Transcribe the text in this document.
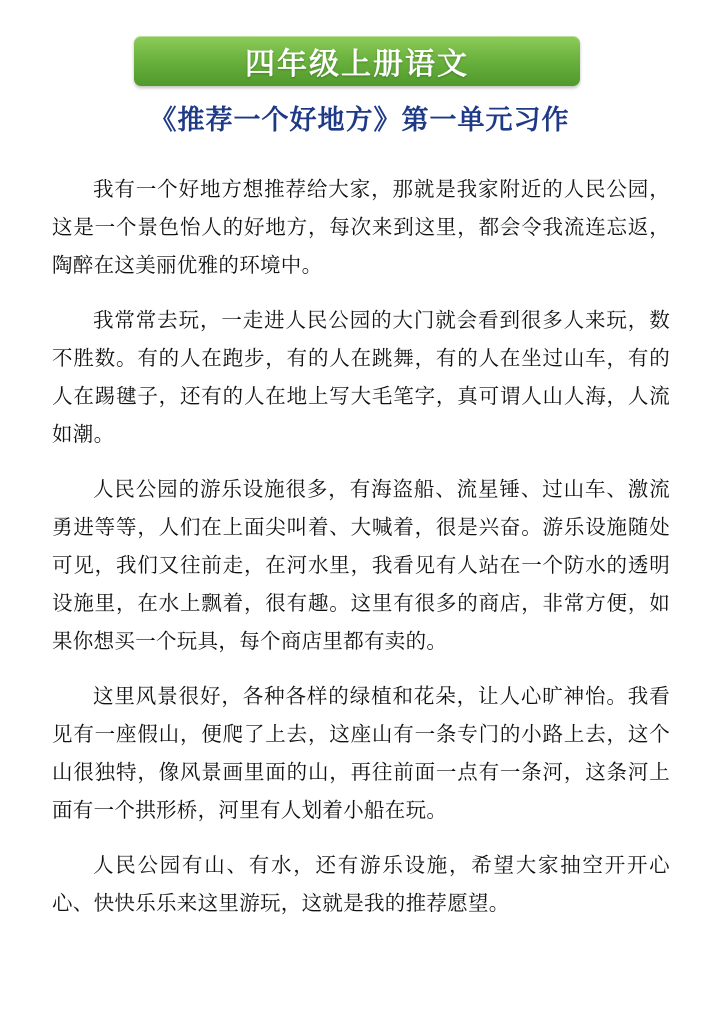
四年级上册语文
《推荐一个好地方》第一单元习作

我有一个好地方想推荐给大家，那就是我家附近的人民公园，这是一个景色怡人的好地方，每次来到这里，都会令我流连忘返，陶醉在这美丽优雅的环境中。

我常常去玩，一走进人民公园的大门就会看到很多人来玩，数不胜数。有的人在跑步，有的人在跳舞，有的人在坐过山车，有的人在踢毽子，还有的人在地上写大毛笔字，真可谓人山人海，人流如潮。

人民公园的游乐设施很多，有海盗船、流星锤、过山车、激流勇进等等，人们在上面尖叫着、大喊着，很是兴奋。游乐设施随处可见，我们又往前走，在河水里，我看见有人站在一个防水的透明设施里，在水上飘着，很有趣。这里有很多的商店，非常方便，如果你想买一个玩具，每个商店里都有卖的。

这里风景很好，各种各样的绿植和花朵，让人心旷神怡。我看见有一座假山，便爬了上去，这座山有一条专门的小路上去，这个山很独特，像风景画里面的山，再往前面一点有一条河，这条河上面有一个拱形桥，河里有人划着小船在玩。

人民公园有山、有水，还有游乐设施，希望大家抽空开开心心、快快乐乐来这里游玩，这就是我的推荐愿望。
